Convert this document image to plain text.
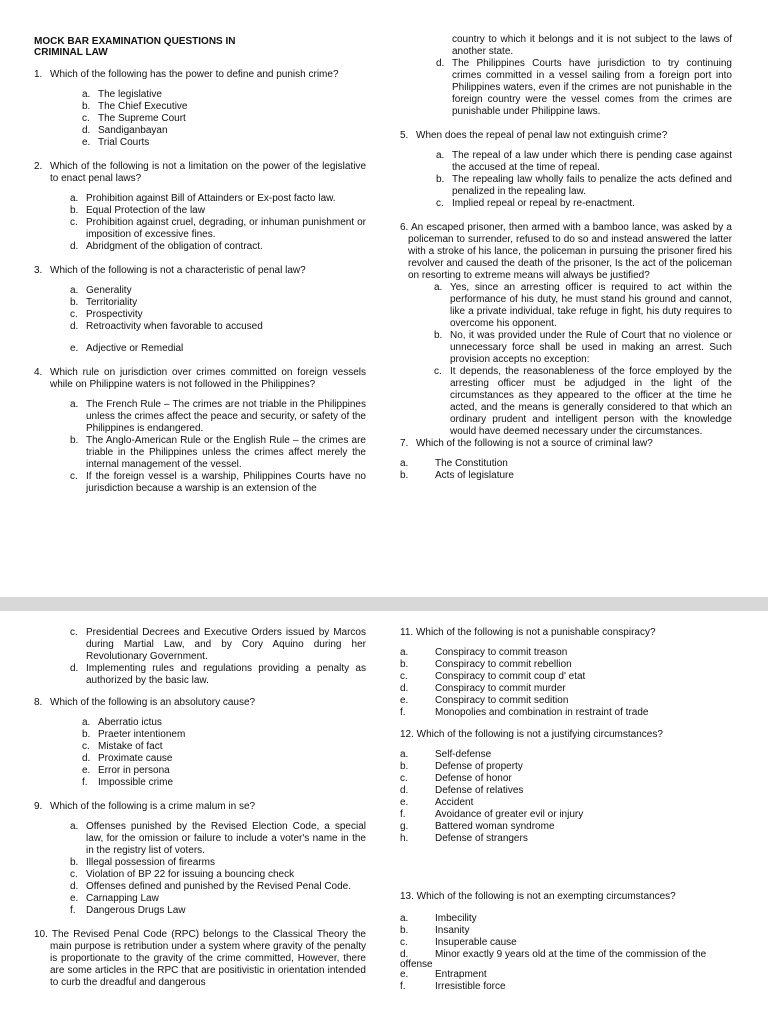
MOCK BAR EXAMINATION QUESTIONS IN CRIMINAL LAW
1. Which of the following has the power to define and punish crime?
a. The legislative
b. The Chief Executive
c. The Supreme Court
d. Sandiganbayan
e. Trial Courts
2. Which of the following is not a limitation on the power of the legislative to enact penal laws?
a. Prohibition against Bill of Attainders or Ex-post facto law.
b. Equal Protection of the law
c. Prohibition against cruel, degrading, or inhuman punishment or imposition of excessive fines.
d. Abridgment of the obligation of contract.
3. Which of the following is not a characteristic of penal law?
a. Generality
b. Territoriality
c. Prospectivity
d. Retroactivity when favorable to accused
e. Adjective or Remedial
4. Which rule on jurisdiction over crimes committed on foreign vessels while on Philippine waters is not followed in the Philippines?
a. The French Rule – The crimes are not triable in the Philippines unless the crimes affect the peace and security, or safety of the Philippines is endangered.
b. The Anglo-American Rule or the English Rule – the crimes are triable in the Philippines unless the crimes affect merely the internal management of the vessel.
c. If the foreign vessel is a warship, Philippines Courts have no jurisdiction because a warship is an extension of the
country to which it belongs and it is not subject to the laws of another state.
d. The Philippines Courts have jurisdiction to try continuing crimes committed in a vessel sailing from a foreign port into Philippines waters, even if the crimes are not punishable in the foreign country were the vessel comes from the crimes are punishable under Philippine laws.
5. When does the repeal of penal law not extinguish crime?
a. The repeal of a law under which there is pending case against the accused at the time of repeal.
b. The repealing law wholly fails to penalize the acts defined and penalized in the repealing law.
c. Implied repeal or repeal by re-enactment.

6. An escaped prisoner, then armed with a bamboo lance, was asked by a policeman to surrender, refused to do so and instead answered the latter with a stroke of his lance, the policeman in pursuing the prisoner fired his revolver and caused the death of the prisoner, Is the act of the policeman on resorting to extreme means will always be justified?

a. Yes, since an arresting officer is required to act within the performance of his duty, he must stand his ground and cannot, like a private individual, take refuge in fight, his duty requires to overcome his opponent.
b. No, it was provided under the Rule of Court that no violence or unnecessary force shall be used in making an arrest. Such provision accepts no exception:
c. It depends, the reasonableness of the force employed by the arresting officer must be adjudged in the light of the circumstances as they appeared to the officer at the time he acted, and the means is generally considered to that which an ordinary prudent and intelligent person with the knowledge would have deemed necessary under the circumstances.
7. Which of the following is not a source of criminal law?
a.	The Constitution
b.	Acts of legislature
c. Presidential Decrees and Executive Orders issued by Marcos during Martial Law, and by Cory Aquino during her Revolutionary Government.
d. Implementing rules and regulations providing a penalty as authorized by the basic law.
8. Which of the following is an absolutory cause?
a. Aberratio ictus
b. Praeter intentionem
c. Mistake of fact
d. Proximate cause
e. Error in persona
f. Impossible crime
9. Which of the following is a crime malum in se?
a. Offenses punished by the Revised Election Code, a special law, for the omission or failure to include a voter's name in the in the registry list of voters.
b. Illegal possession of firearms
c. Violation of BP 22 for issuing a bouncing check
d. Offenses defined and punished by the Revised Penal Code.
e. Carnapping Law
f. Dangerous Drugs Law

10. The Revised Penal Code (RPC) belongs to the Classical Theory the main purpose is retribution under a system where gravity of the penalty is proportionate to the gravity of the crime committed, However, there are some articles in the RPC that are positivistic in orientation intended to curb the dreadful and dangerous

11. Which of the following is not a punishable conspiracy?
a.	Conspiracy to commit treason
b.	Conspiracy to commit rebellion
c.	Conspiracy to commit coup d' etat
d.	Conspiracy to commit murder
e.	Conspiracy to commit sedition
f.	Monopolies and combination in restraint of trade
12. Which of the following is not a justifying circumstances?
a.	Self-defense
b.	Defense of property
c.	Defense of honor
d.	Defense of relatives
e.	Accident
f.	Avoidance of greater evil or injury
g.	Battered woman syndrome
h.	Defense of strangers
13. Which of the following is not an exempting circumstances?
a.	Imbecility
b.	Insanity
c.	Insuperable cause
d.	Minor exactly 9 years old at the time of the commission of the
offense
e.	Entrapment
f.	Irresistible force
